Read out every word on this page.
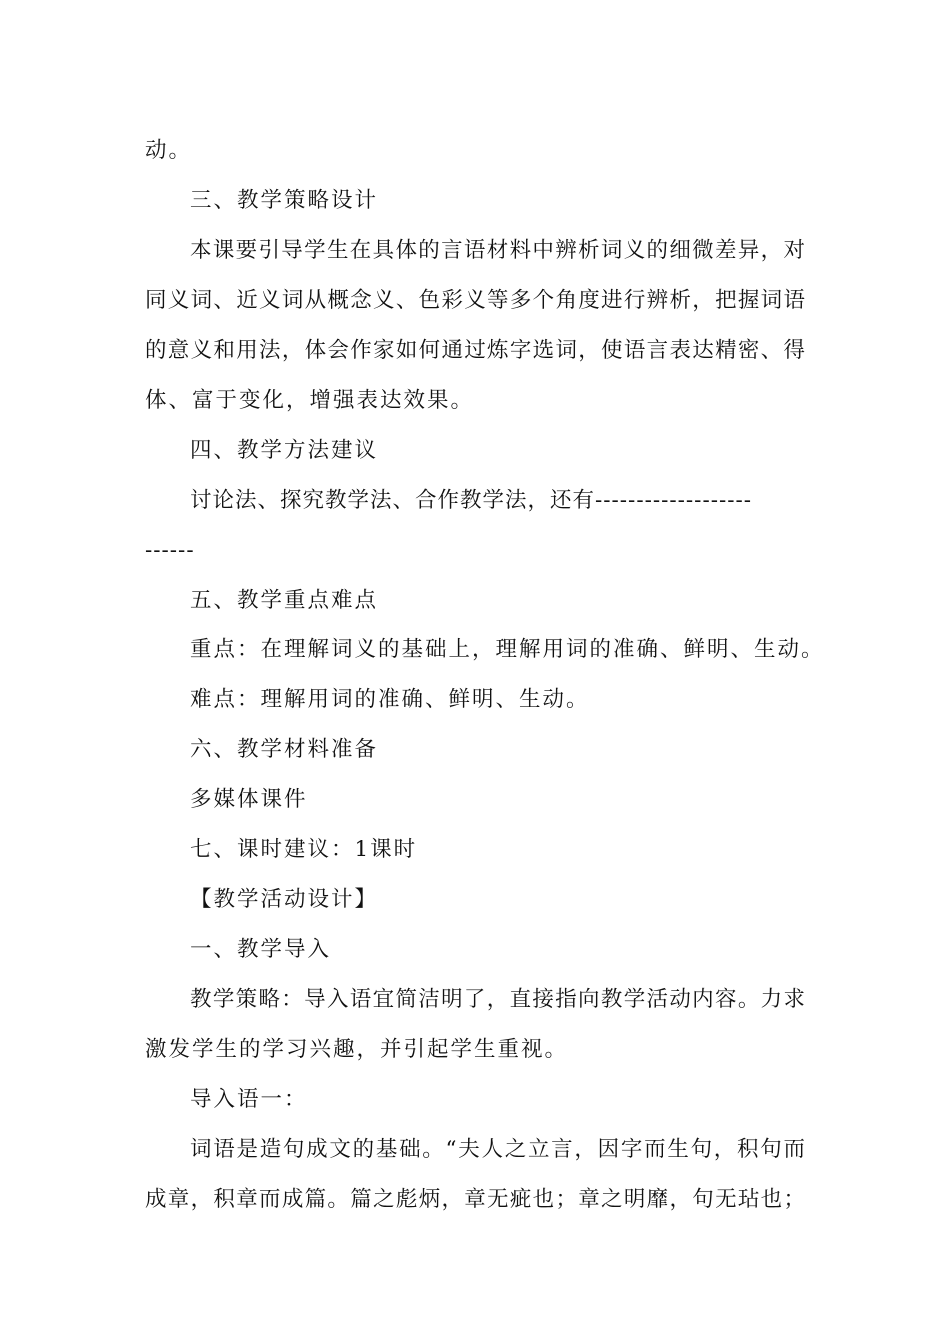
动。
三、教学策略设计
本课要引导学生在具体的言语材料中辨析词义的细微差异，对
同义词、近义词从概念义、色彩义等多个角度进行辨析，把握词语
的意义和用法，体会作家如何通过炼字选词，使语言表达精密、得
体、富于变化，增强表达效果。
四、教学方法建议
讨论法、探究教学法、合作教学法，还有-------------------
------
五、教学重点难点
重点：在理解词义的基础上，理解用词的准确、鲜明、生动。
难点：理解用词的准确、鲜明、生动。
六、教学材料准备
多媒体课件
七、课时建议：1课时
【教学活动设计】
一、教学导入
教学策略：导入语宜简洁明了，直接指向教学活动内容。力求
激发学生的学习兴趣，并引起学生重视。
导入语一：
词语是造句成文的基础。“夫人之立言，因字而生句，积句而
成章，积章而成篇。篇之彪炳，章无疵也；章之明靡，句无玷也；
